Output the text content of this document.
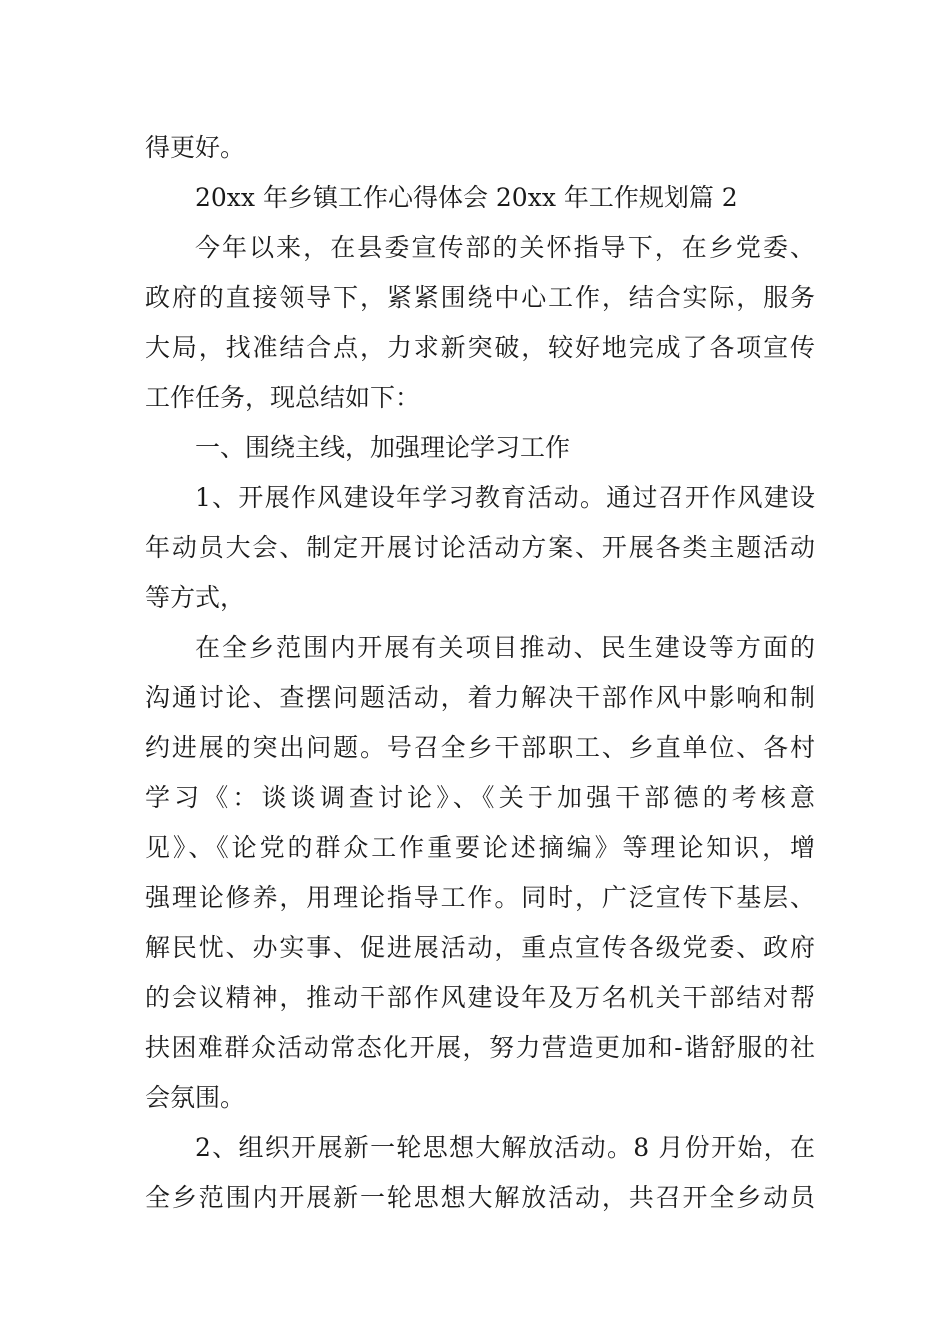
得更好。
20xx 年乡镇工作心得体会 20xx 年工作规划篇 2
今年以来，在县委宣传部的关怀指导下，在乡党委、
政府的直接领导下，紧紧围绕中心工作，结合实际，服务
大局，找准结合点，力求新突破，较好地完成了各项宣传
工作任务，现总结如下：
一、围绕主线，加强理论学习工作
1、开展作风建设年学习教育活动。通过召开作风建设
年动员大会、制定开展讨论活动方案、开展各类主题活动
等方式，
在全乡范围内开展有关项目推动、民生建设等方面的
沟通讨论、查摆问题活动，着力解决干部作风中影响和制
约进展的突出问题。号召全乡干部职工、乡直单位、各村
学习《：谈谈调查讨论》、《关于加强干部德的考核意
见》、《论党的群众工作重要论述摘编》等理论知识，增
强理论修养，用理论指导工作。同时，广泛宣传下基层、
解民忧、办实事、促进展活动，重点宣传各级党委、政府
的会议精神，推动干部作风建设年及万名机关干部结对帮
扶困难群众活动常态化开展，努力营造更加和-谐舒服的社
会氛围。
2、组织开展新一轮思想大解放活动。8 月份开始，在
全乡范围内开展新一轮思想大解放活动，共召开全乡动员
